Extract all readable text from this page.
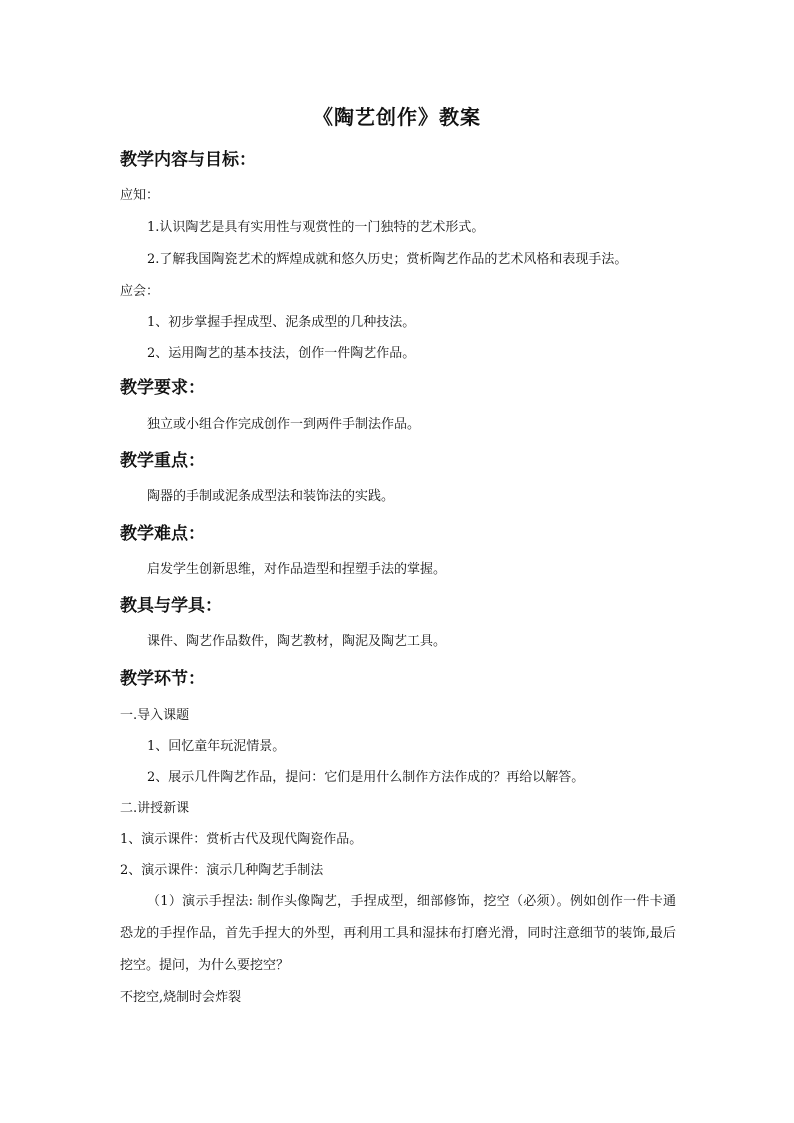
《陶艺创作》教案
教学内容与目标：
应知：
1.认识陶艺是具有实用性与观赏性的一门独特的艺术形式。
2.了解我国陶瓷艺术的辉煌成就和悠久历史；赏析陶艺作品的艺术风格和表现手法。
应会：
1、初步掌握手捏成型、泥条成型的几种技法。
2、运用陶艺的基本技法，创作一件陶艺作品。
教学要求：
独立或小组合作完成创作一到两件手制法作品。
教学重点：
陶器的手制或泥条成型法和装饰法的实践。
教学难点：
启发学生创新思维，对作品造型和捏塑手法的掌握。
教具与学具：
课件、陶艺作品数件，陶艺教材，陶泥及陶艺工具。
教学环节：
一.导入课题
1、回忆童年玩泥情景。
2、展示几件陶艺作品，提问：它们是用什么制作方法作成的？再给以解答。
二.讲授新课
1、演示课件：赏析古代及现代陶瓷作品。
2、演示课件：演示几种陶艺手制法
（1）演示手捏法: 制作头像陶艺，手捏成型，细部修饰，挖空（必须）。例如创作一件卡通恐龙的手捏作品，首先手捏大的外型，再利用工具和湿抹布打磨光滑，同时注意细节的装饰,最后挖空。提问，为什么要挖空？
不挖空,烧制时会炸裂
